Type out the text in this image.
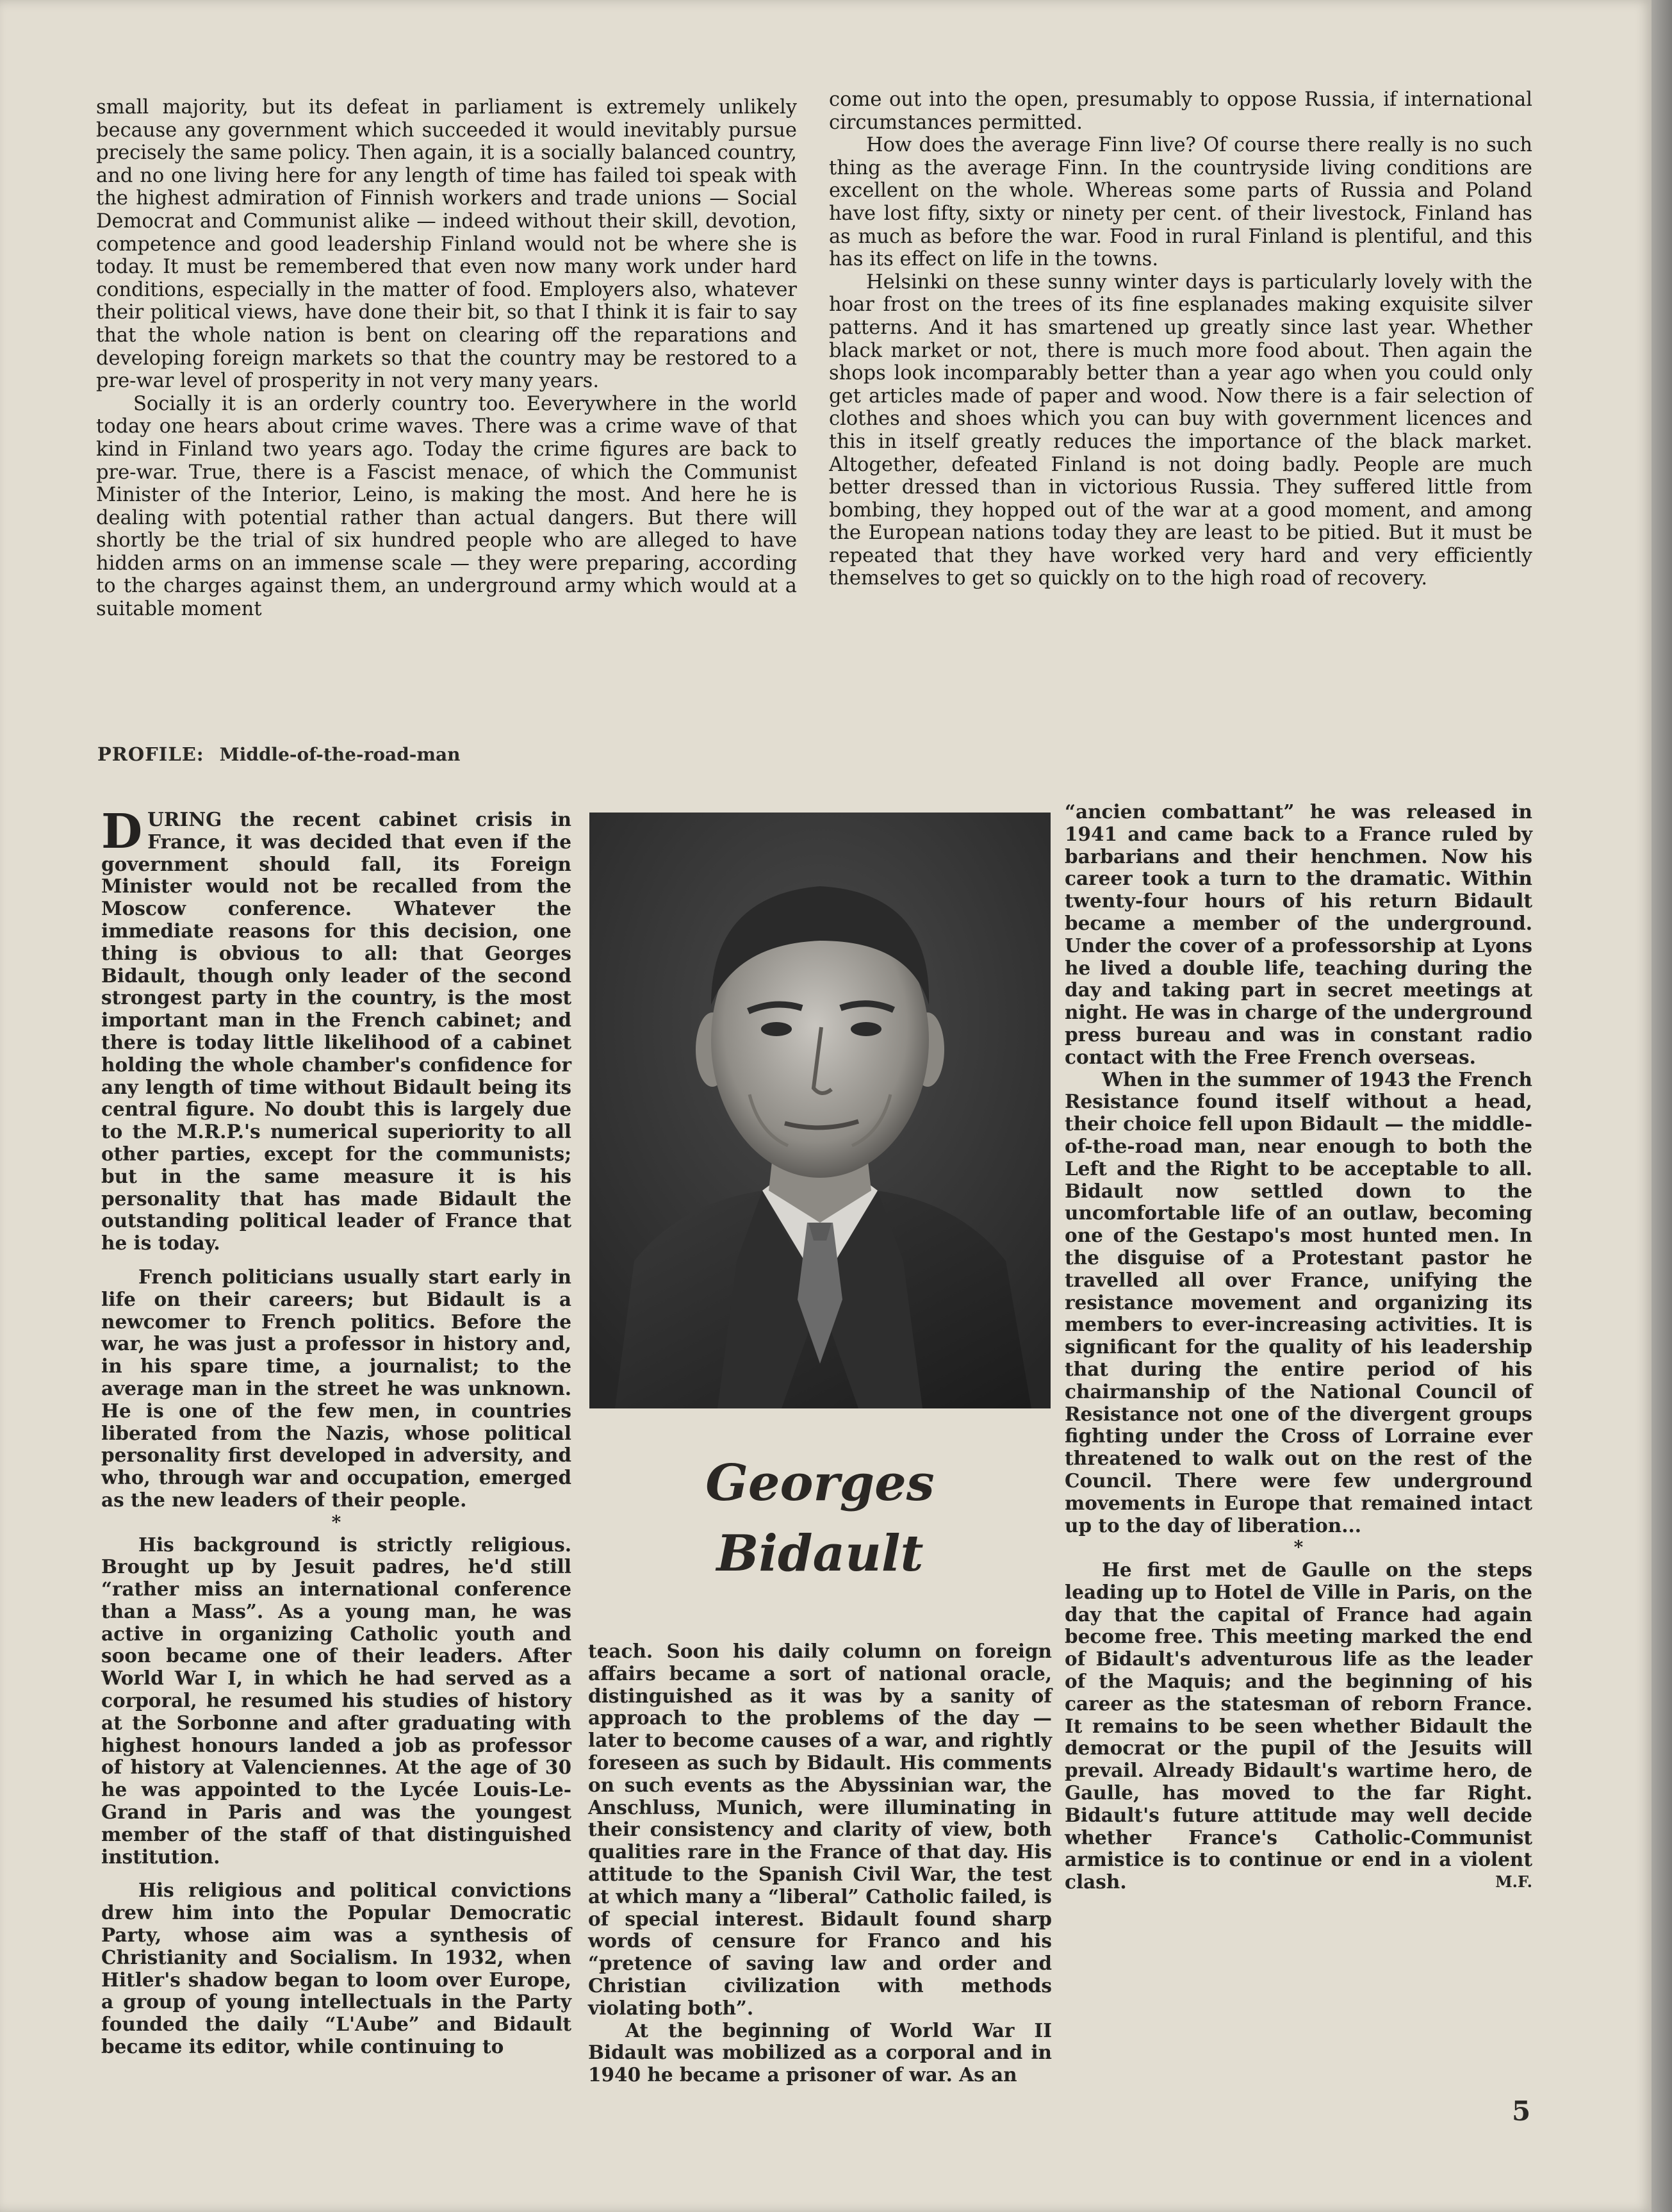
small majority, but its defeat in parliament is extremely unlikely because any government which succeeded it would inevitably pursue precisely the same policy. Then again, it is a socially balanced country, and no one living here for any length of time has failed toi speak with the highest admiration of Finnish workers and trade unions — Social Democrat and Communist alike — indeed without their skill, devotion, competence and good leadership Finland would not be where she is today. It must be remembered that even now many work under hard conditions, especially in the matter of food. Employers also, whatever their political views, have done their bit, so that I think it is fair to say that the whole nation is bent on clearing off the reparations and developing foreign markets so that the country may be restored to a pre-war level of prosperity in not very many years.

Socially it is an orderly country too. Eeverywhere in the world today one hears about crime waves. There was a crime wave of that kind in Finland two years ago. Today the crime figures are back to pre-war. True, there is a Fascist menace, of which the Communist Minister of the Interior, Leino, is making the most. And here he is dealing with potential rather than actual dangers. But there will shortly be the trial of six hundred people who are alleged to have hidden arms on an immense scale — they were preparing, according to the charges against them, an underground army which would at a suitable moment

come out into the open, presumably to oppose Russia, if international circumstances permitted.

How does the average Finn live? Of course there really is no such thing as the average Finn. In the countryside living conditions are excellent on the whole. Whereas some parts of Russia and Poland have lost fifty, sixty or ninety per cent. of their livestock, Finland has as much as before the war. Food in rural Finland is plentiful, and this has its effect on life in the towns.

Helsinki on these sunny winter days is particularly lovely with the hoar frost on the trees of its fine esplanades making exquisite silver patterns. And it has smartened up greatly since last year. Whether black market or not, there is much more food about. Then again the shops look incomparably better than a year ago when you could only get articles made of paper and wood. Now there is a fair selection of clothes and shoes which you can buy with government licences and this in itself greatly reduces the importance of the black market. Altogether, defeated Finland is not doing badly. People are much better dressed than in victorious Russia. They suffered little from bombing, they hopped out of the war at a good moment, and among the European nations today they are least to be pitied. But it must be repeated that they have worked very hard and very efficiently themselves to get so quickly on to the high road of recovery.

PROFILE: Middle-of-the-road-man
Georges
Bidault

DURING the recent cabinet crisis in France, it was decided that even if the government should fall, its Foreign Minister would not be recalled from the Moscow conference. Whatever the immediate reasons for this decision, one thing is obvious to all: that Georges Bidault, though only leader of the second strongest party in the country, is the most important man in the French cabinet; and there is today little likelihood of a cabinet holding the whole chamber's confidence for any length of time without Bidault being its central figure. No doubt this is largely due to the M.R.P.'s numerical superiority to all other parties, except for the communists; but in the same measure it is his personality that has made Bidault the outstanding political leader of France that he is today.

French politicians usually start early in life on their careers; but Bidault is a newcomer to French politics. Before the war, he was just a professor in history and, in his spare time, a journalist; to the average man in the street he was unknown. He is one of the few men, in countries liberated from the Nazis, whose political personality first developed in adversity, and who, through war and occupation, emerged as the new leaders of their people.

*

His background is strictly religious. Brought up by Jesuit padres, he'd still “rather miss an international conference than a Mass”. As a young man, he was active in organizing Catholic youth and soon became one of their leaders. After World War I, in which he had served as a corporal, he resumed his studies of history at the Sorbonne and after graduating with highest honours landed a job as professor of history at Valenciennes. At the age of 30 he was appointed to the Lycée Louis-Le-Grand in Paris and was the youngest member of the staff of that distinguished institution.

His religious and political convictions drew him into the Popular Democratic Party, whose aim was a synthesis of Christianity and Socialism. In 1932, when Hitler's shadow began to loom over Europe, a group of young intellectuals in the Party founded the daily “L'Aube” and Bidault became its editor, while continuing to

teach. Soon his daily column on foreign affairs became a sort of national oracle, distinguished as it was by a sanity of approach to the problems of the day — later to become causes of a war, and rightly foreseen as such by Bidault. His comments on such events as the Abyssinian war, the Anschluss, Munich, were illuminating in their consistency and clarity of view, both qualities rare in the France of that day. His attitude to the Spanish Civil War, the test at which many a “liberal” Catholic failed, is of special interest. Bidault found sharp words of censure for Franco and his “pretence of saving law and order and Christian civilization with methods violating both”.

At the beginning of World War II Bidault was mobilized as a corporal and in 1940 he became a prisoner of war. As an

“ancien combattant” he was released in 1941 and came back to a France ruled by barbarians and their henchmen. Now his career took a turn to the dramatic. Within twenty-four hours of his return Bidault became a member of the underground. Under the cover of a professorship at Lyons he lived a double life, teaching during the day and taking part in secret meetings at night. He was in charge of the underground press bureau and was in constant radio contact with the Free French overseas.

When in the summer of 1943 the French Resistance found itself without a head, their choice fell upon Bidault — the middle-of-the-road man, near enough to both the Left and the Right to be acceptable to all. Bidault now settled down to the uncomfortable life of an outlaw, becoming one of the Gestapo's most hunted men. In the disguise of a Protestant pastor he travelled all over France, unifying the resistance movement and organizing its members to ever-increasing activities. It is significant for the quality of his leadership that during the entire period of his chairmanship of the National Council of Resistance not one of the divergent groups fighting under the Cross of Lorraine ever threatened to walk out on the rest of the Council. There were few underground movements in Europe that remained intact up to the day of liberation...

*

He first met de Gaulle on the steps leading up to Hotel de Ville in Paris, on the day that the capital of France had again become free. This meeting marked the end of Bidault's adventurous life as the leader of the Maquis; and the beginning of his career as the statesman of reborn France. It remains to be seen whether Bidault the democrat or the pupil of the Jesuits will prevail. Already Bidault's wartime hero, de Gaulle, has moved to the far Right. Bidault's future attitude may well decide whether France's Catholic-Communist armistice is to continue or end in a violent clash.	M.F.

5
